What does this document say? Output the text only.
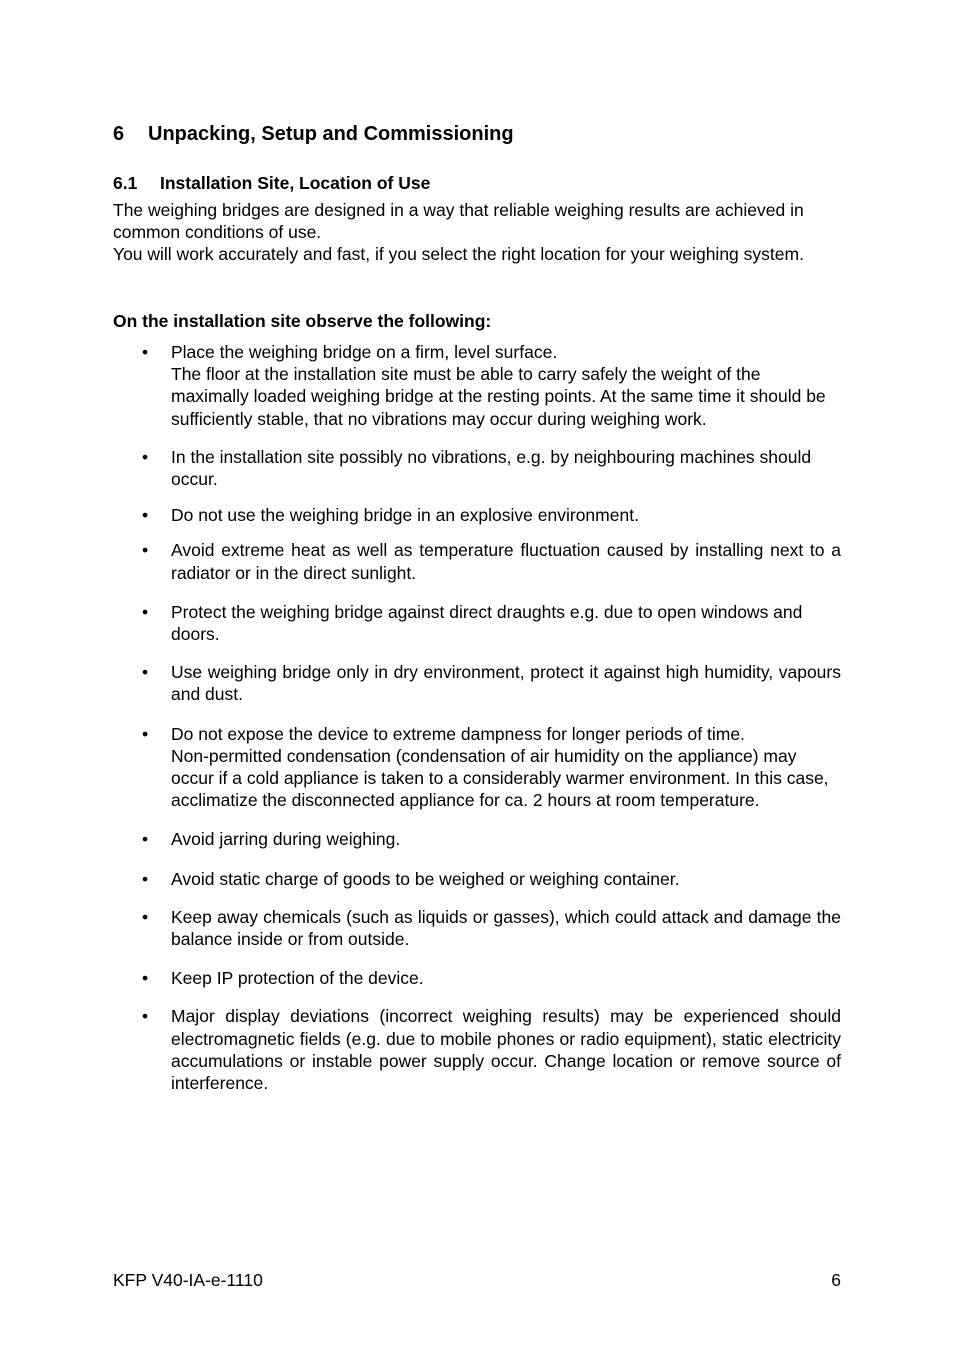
6 Unpacking, Setup and Commissioning
6.1 Installation Site, Location of Use

The weighing bridges are designed in a way that reliable weighing results are achieved in common conditions of use.

You will work accurately and fast, if you select the right location for your weighing system.

On the installation site observe the following:
• Place the weighing bridge on a firm, level surface.
The floor at the installation site must be able to carry safely the weight of the maximally loaded weighing bridge at the resting points. At the same time it should be sufficiently stable, that no vibrations may occur during weighing work.
• In the installation site possibly no vibrations, e.g. by neighbouring machines should occur.
• Do not use the weighing bridge in an explosive environment.
• Avoid extreme heat as well as temperature fluctuation caused by installing next to a radiator or in the direct sunlight.
• Protect the weighing bridge against direct draughts e.g. due to open windows and doors.
• Use weighing bridge only in dry environment, protect it against high humidity, vapours and dust.
• Do not expose the device to extreme dampness for longer periods of time.
Non-permitted condensation (condensation of air humidity on the appliance) may occur if a cold appliance is taken to a considerably warmer environment. In this case, acclimatize the disconnected appliance for ca. 2 hours at room temperature.
• Avoid jarring during weighing.
• Avoid static charge of goods to be weighed or weighing container.
• Keep away chemicals (such as liquids or gasses), which could attack and damage the balance inside or from outside.
• Keep IP protection of the device.
• Major display deviations (incorrect weighing results) may be experienced should electromagnetic fields (e.g. due to mobile phones or radio equipment), static electricity accumulations or instable power supply occur. Change location or remove source of interference.
KFP V40-IA-e-1110	6
